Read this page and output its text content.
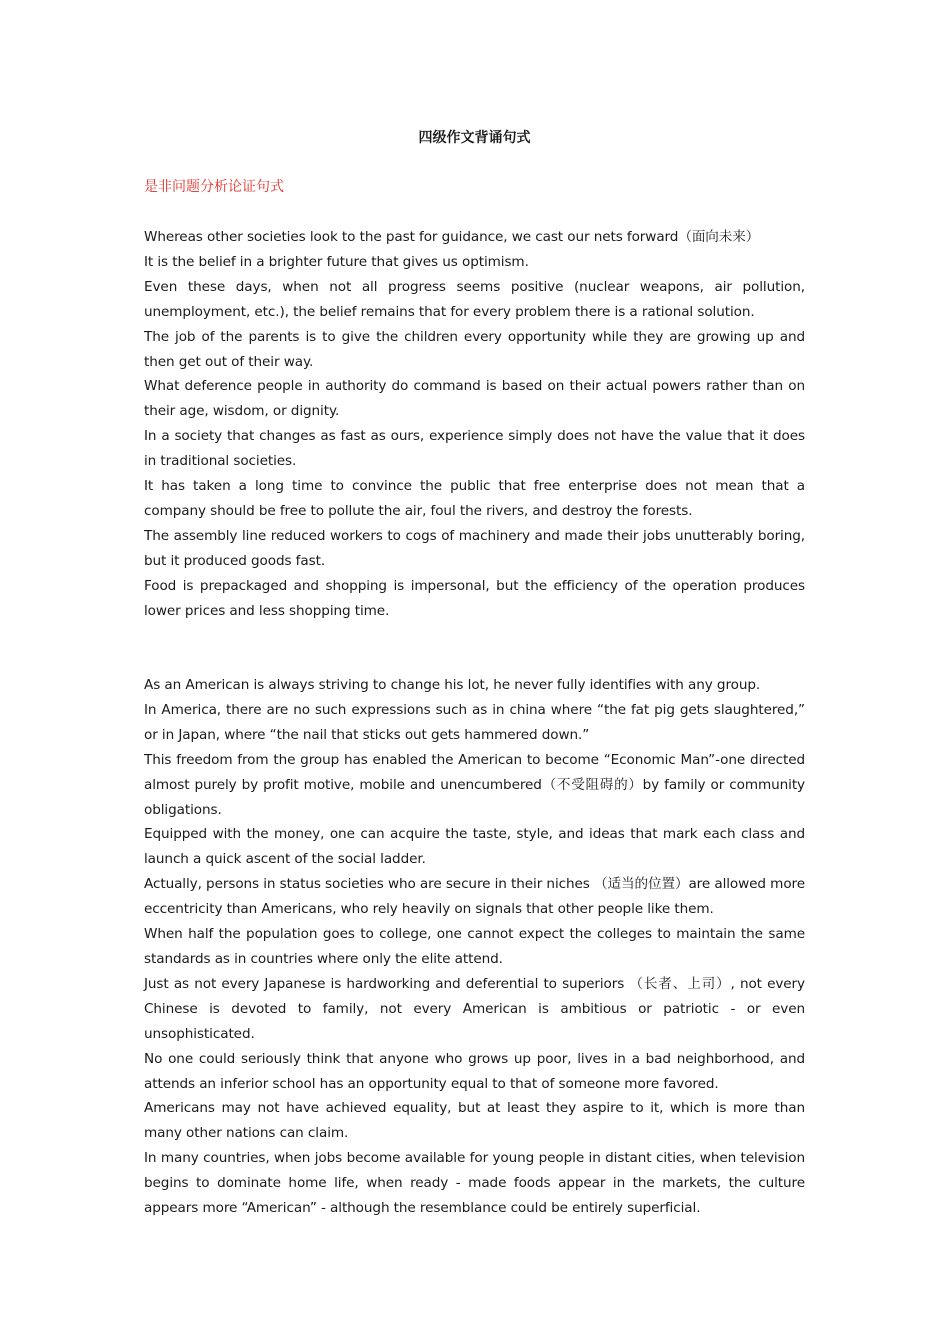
四级作文背诵句式
是非问题分析论证句式

Whereas other societies look to the past for guidance, we cast our nets forward（面向未来）

It is the belief in a brighter future that gives us optimism.

Even these days, when not all progress seems positive (nuclear weapons, air pollution, unemployment, etc.), the belief remains that for every problem there is a rational solution.

The job of the parents is to give the children every opportunity while they are growing up and then get out of their way.

What deference people in authority do command is based on their actual powers rather than on their age, wisdom, or dignity.

In a society that changes as fast as ours, experience simply does not have the value that it does in traditional societies.

It has taken a long time to convince the public that free enterprise does not mean that a company should be free to pollute the air, foul the rivers, and destroy the forests.

The assembly line reduced workers to cogs of machinery and made their jobs unutterably boring, but it produced goods fast.

Food is prepackaged and shopping is impersonal, but the efficiency of the operation produces lower prices and less shopping time.

As an American is always striving to change his lot, he never fully identifies with any group.

In America, there are no such expressions such as in china where “the fat pig gets slaughtered,” or in Japan, where “the nail that sticks out gets hammered down.”

This freedom from the group has enabled the American to become “Economic Man”-one directed almost purely by profit motive, mobile and unencumbered（不受阻碍的）by family or community obligations.

Equipped with the money, one can acquire the taste, style, and ideas that mark each class and launch a quick ascent of the social ladder.

Actually, persons in status societies who are secure in their niches （适当的位置）are allowed more eccentricity than Americans, who rely heavily on signals that other people like them.

When half the population goes to college, one cannot expect the colleges to maintain the same standards as in countries where only the elite attend.

Just as not every Japanese is hardworking and deferential to superiors （长者、上司）, not every Chinese is devoted to family, not every American is ambitious or patriotic - or even unsophisticated.

No one could seriously think that anyone who grows up poor, lives in a bad neighborhood, and attends an inferior school has an opportunity equal to that of someone more favored.

Americans may not have achieved equality, but at least they aspire to it, which is more than many other nations can claim.

In many countries, when jobs become available for young people in distant cities, when television begins to dominate home life, when ready - made foods appear in the markets, the culture appears more “American” - although the resemblance could be entirely superficial.
